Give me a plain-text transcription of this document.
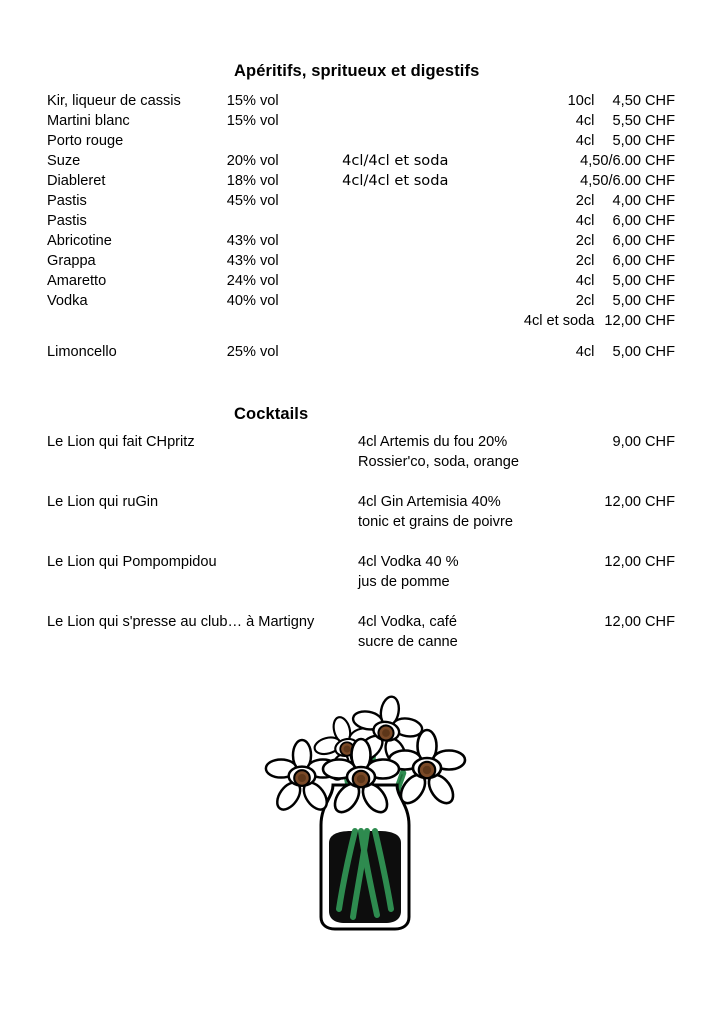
Apéritifs, spritueux et digestifs
Kir, liqueur de cassis	15% vol		10cl	4,50 CHF
Martini blanc	15% vol		4cl	5,50 CHF
Porto rouge			4cl	5,00 CHF
Suze	20% vol	4cl/4cl et soda	4,50/6.00 CHF	
Diableret	18% vol	4cl/4cl et soda	4,50/6.00 CHF	
Pastis	45% vol		2cl	4,00 CHF
Pastis			4cl	6,00 CHF
Abricotine	43% vol		2cl	6,00 CHF
Grappa	43% vol		2cl	6,00 CHF
Amaretto	24% vol		4cl	5,00 CHF
Vodka	40% vol		2cl	5,00 CHF
			4cl et soda	12,00 CHF

Limoncello	25% vol		4cl	5,00 CHF
Cocktails
Le Lion qui fait CHpritz	4cl Artemis du fou 20%	9,00 CHF
	Rossier'co, soda, orange	

Le Lion qui ruGin	4cl Gin Artemisia 40%	12,00 CHF
	tonic et grains de poivre	

Le Lion qui Pompompidou	4cl Vodka 40 %	12,00 CHF
	jus de pomme	

Le Lion qui s'presse au club… à Martigny	4cl Vodka, café	12,00 CHF
	sucre de canne	
